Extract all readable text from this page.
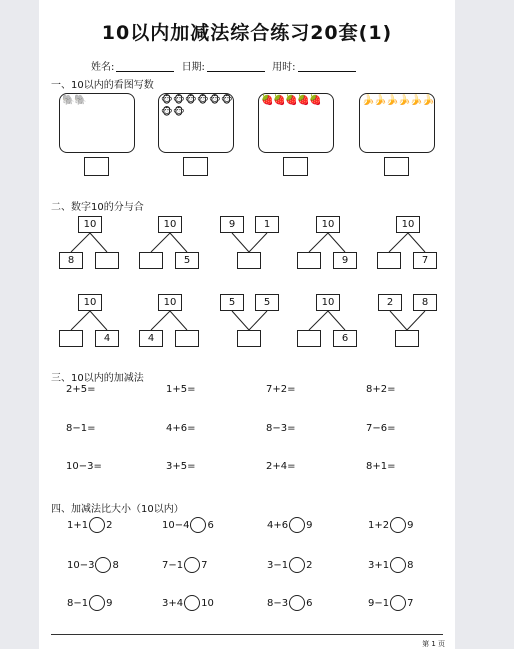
10以内加减法综合练习20套(1)
姓名:	日期:	用时:
一、10以内的看图写数
二、数字10的分与合
三、10以内的加减法
四、加减法比大小（10以内）
🐘 🐘	🐵 🐵 🐵 🐵 🐵 🐵
🐵 🐵
🍓 🍓 🍓 🍓 🍓	🍌 🍌 🍌 🍌 🍌 🍌
10
8
10
5
9	1	10
9
10
7
10
4
10
4
5	5	10
6
2	8
2+5=	1+5=	7+2=	8+2=
8−1=	4+6=	8−3=	7−6=
10−3=	3+5=	2+4=	8+1=
1+1 2	10−4 6	4+6 9	1+2 9
10−3 8	7−1 7	3−1 2	3+1 8
8−1 9	3+4 10	8−3 6	9−1 7
第 1 页
